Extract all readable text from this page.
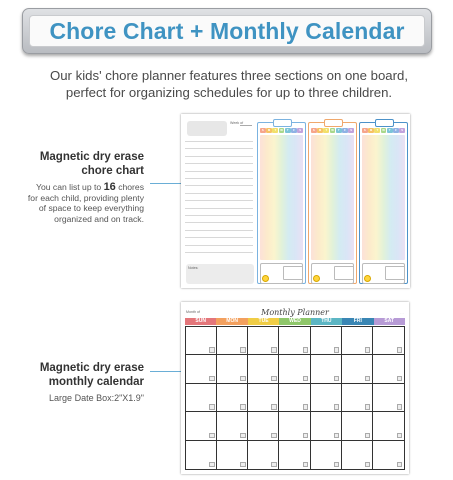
Chore Chart + Monthly Calendar
Our kids' chore planner features three sections on one board,
perfect for organizing schedules for up to three children.
Magnetic dry erase
chore chart
You can list up to 16 chores
for each child, providing plenty
of space to keep everything
organized and on track.
Week of
Notes:
S	M	T	W	T	F	S	S	M	T	W	T	F	S	S	M	T	W	T	F	S
Magnetic dry erase
monthly calendar
Large Date Box:2"X1.9"
Month of	Monthly Planner	. . .
SUN	MON	TUE	WED	THU	FRI	SAT
